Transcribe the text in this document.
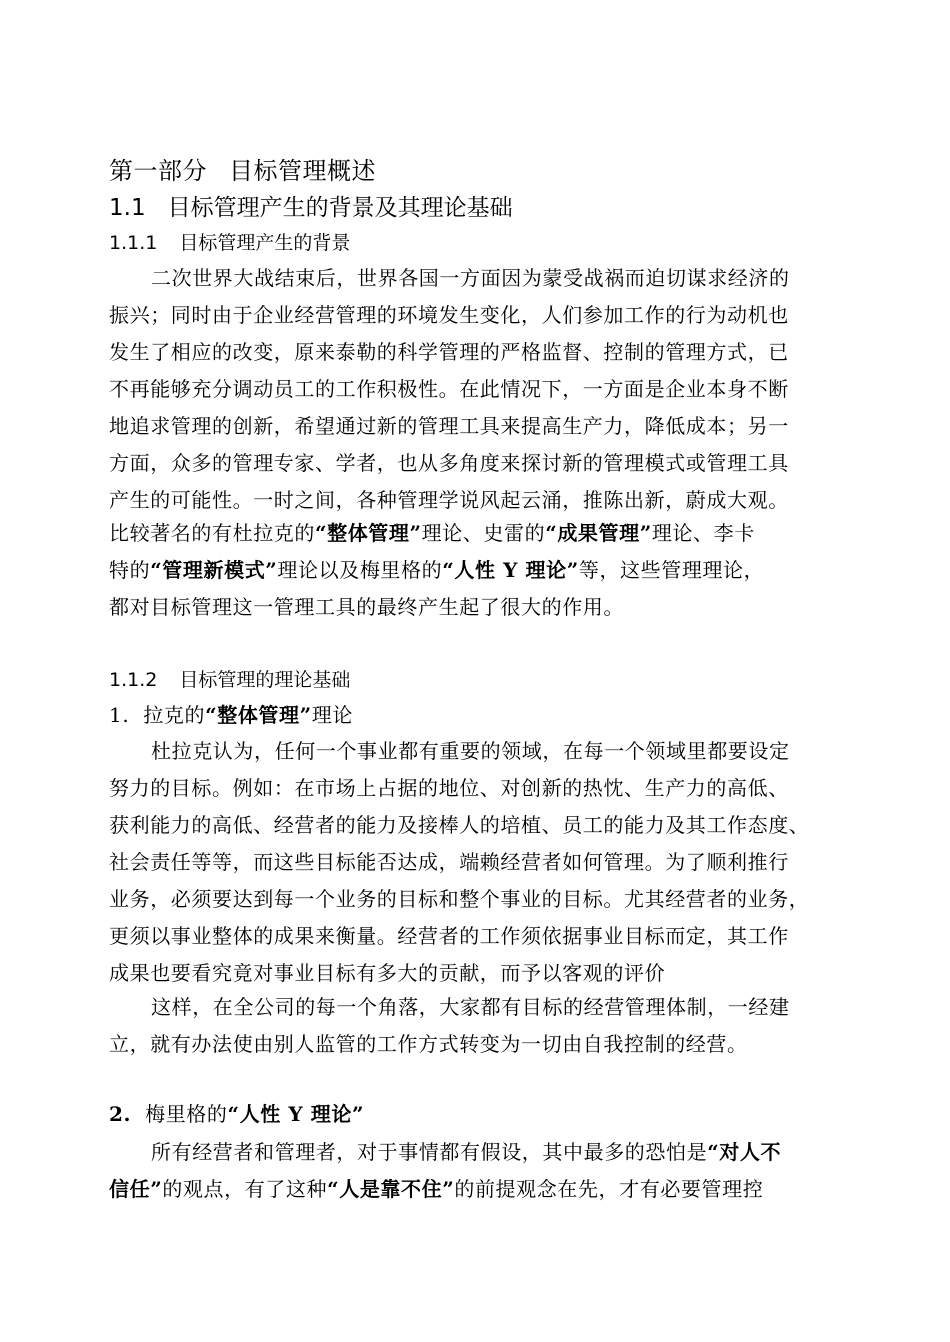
第一部分 目标管理概述
1.1 目标管理产生的背景及其理论基础
1.1.1 目标管理产生的背景
二次世界大战结束后，世界各国一方面因为蒙受战祸而迫切谋求经济的
振兴；同时由于企业经营管理的环境发生变化，人们参加工作的行为动机也
发生了相应的改变，原来泰勒的科学管理的严格监督、控制的管理方式，已
不再能够充分调动员工的工作积极性。在此情况下，一方面是企业本身不断
地追求管理的创新，希望通过新的管理工具来提高生产力，降低成本；另一
方面，众多的管理专家、学者，也从多角度来探讨新的管理模式或管理工具
产生的可能性。一时之间，各种管理学说风起云涌，推陈出新，蔚成大观。
比较著名的有杜拉克的“整体管理”理论、史雷的“成果管理”理论、李卡
特的“管理新模式”理论以及梅里格的“人性 Y 理论”等，这些管理理论，
都对目标管理这一管理工具的最终产生起了很大的作用。
1.1.2 目标管理的理论基础
1. 拉克的“整体管理”理论
杜拉克认为，任何一个事业都有重要的领域，在每一个领域里都要设定
努力的目标。例如：在市场上占据的地位、对创新的热忱、生产力的高低、
获利能力的高低、经营者的能力及接棒人的培植、员工的能力及其工作态度、
社会责任等等，而这些目标能否达成，端赖经营者如何管理。为了顺利推行
业务，必须要达到每一个业务的目标和整个事业的目标。尤其经营者的业务，
更须以事业整体的成果来衡量。经营者的工作须依据事业目标而定，其工作
成果也要看究竟对事业目标有多大的贡献，而予以客观的评价
这样，在全公司的每一个角落，大家都有目标的经营管理体制，一经建
立，就有办法使由别人监管的工作方式转变为一切由自我控制的经营。
2. 梅里格的“人性 Y 理论”
所有经营者和管理者，对于事情都有假设，其中最多的恐怕是“对人不
信任”的观点，有了这种“人是靠不住”的前提观念在先，才有必要管理控
